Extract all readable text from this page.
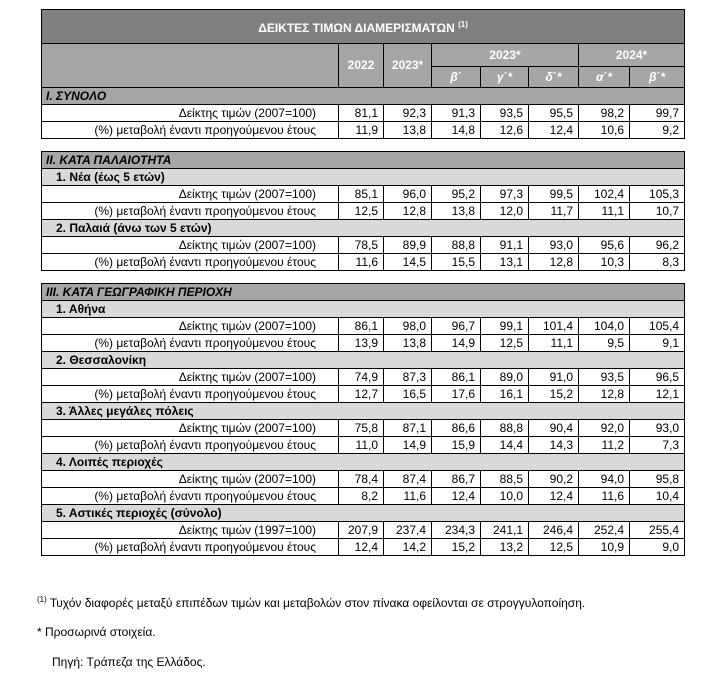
ΔΕΙΚΤΕΣ ΤΙΜΩΝ ΔΙΑΜΕΡΙΣΜΑΤΩΝ $^{(1)}$
	2022	2023*	2023*			2024*	
			β΄	γ΄*	δ΄*	α΄*	β΄*
I. ΣΥΝΟΛΟ							
Δείκτης τιμών (2007=100)	81,1	92,3	91,3	93,5	95,5	98,2	99,7
(%) μεταβολή έναντι προηγούμενου έτους	11,9	13,8	14,8	12,6	12,4	10,6	9,2

II. ΚΑΤΑ ΠΑΛΑΙΟΤΗΤΑ							
1. Νέα (έως 5 ετών)							
Δείκτης τιμών (2007=100)	85,1	96,0	95,2	97,3	99,5	102,4	105,3
(%) μεταβολή έναντι προηγούμενου έτους	12,5	12,8	13,8	12,0	11,7	11,1	10,7
2. Παλαιά (άνω των 5 ετών)							
Δείκτης τιμών (2007=100)	78,5	89,9	88,8	91,1	93,0	95,6	96,2
(%) μεταβολή έναντι προηγούμενου έτους	11,6	14,5	15,5	13,1	12,8	10,3	8,3

III. ΚΑΤΑ ΓΕΩΓΡΑΦΙΚΗ ΠΕΡΙΟΧΗ							
1. Αθήνα							
Δείκτης τιμών (2007=100)	86,1	98,0	96,7	99,1	101,4	104,0	105,4
(%) μεταβολή έναντι προηγούμενου έτους	13,9	13,8	14,9	12,5	11,1	9,5	9,1
2. Θεσσαλονίκη							
Δείκτης τιμών (2007=100)	74,9	87,3	86,1	89,0	91,0	93,5	96,5
(%) μεταβολή έναντι προηγούμενου έτους	12,7	16,5	17,6	16,1	15,2	12,8	12,1
3. Άλλες μεγάλες πόλεις							
Δείκτης τιμών (2007=100)	75,8	87,1	86,6	88,8	90,4	92,0	93,0
(%) μεταβολή έναντι προηγούμενου έτους	11,0	14,9	15,9	14,4	14,3	11,2	7,3
4. Λοιπές περιοχές							
Δείκτης τιμών (2007=100)	78,4	87,4	86,7	88,5	90,2	94,0	95,8
(%) μεταβολή έναντι προηγούμενου έτους	8,2	11,6	12,4	10,0	12,4	11,6	10,4
5. Αστικές περιοχές (σύνολο)							
Δείκτης τιμών (1997=100)	207,9	237,4	234,3	241,1	246,4	252,4	255,4
(%) μεταβολή έναντι προηγούμενου έτους	12,4	14,2	15,2	13,2	12,5	10,9	9,0
$^{(1)}$ Τυχόν διαφορές μεταξύ επιπέδων τιμών και μεταβολών στον πίνακα οφείλονται σε στρογγυλοποίηση.
* Προσωρινά στοιχεία.
Πηγή: Τράπεζα της Ελλάδος.
